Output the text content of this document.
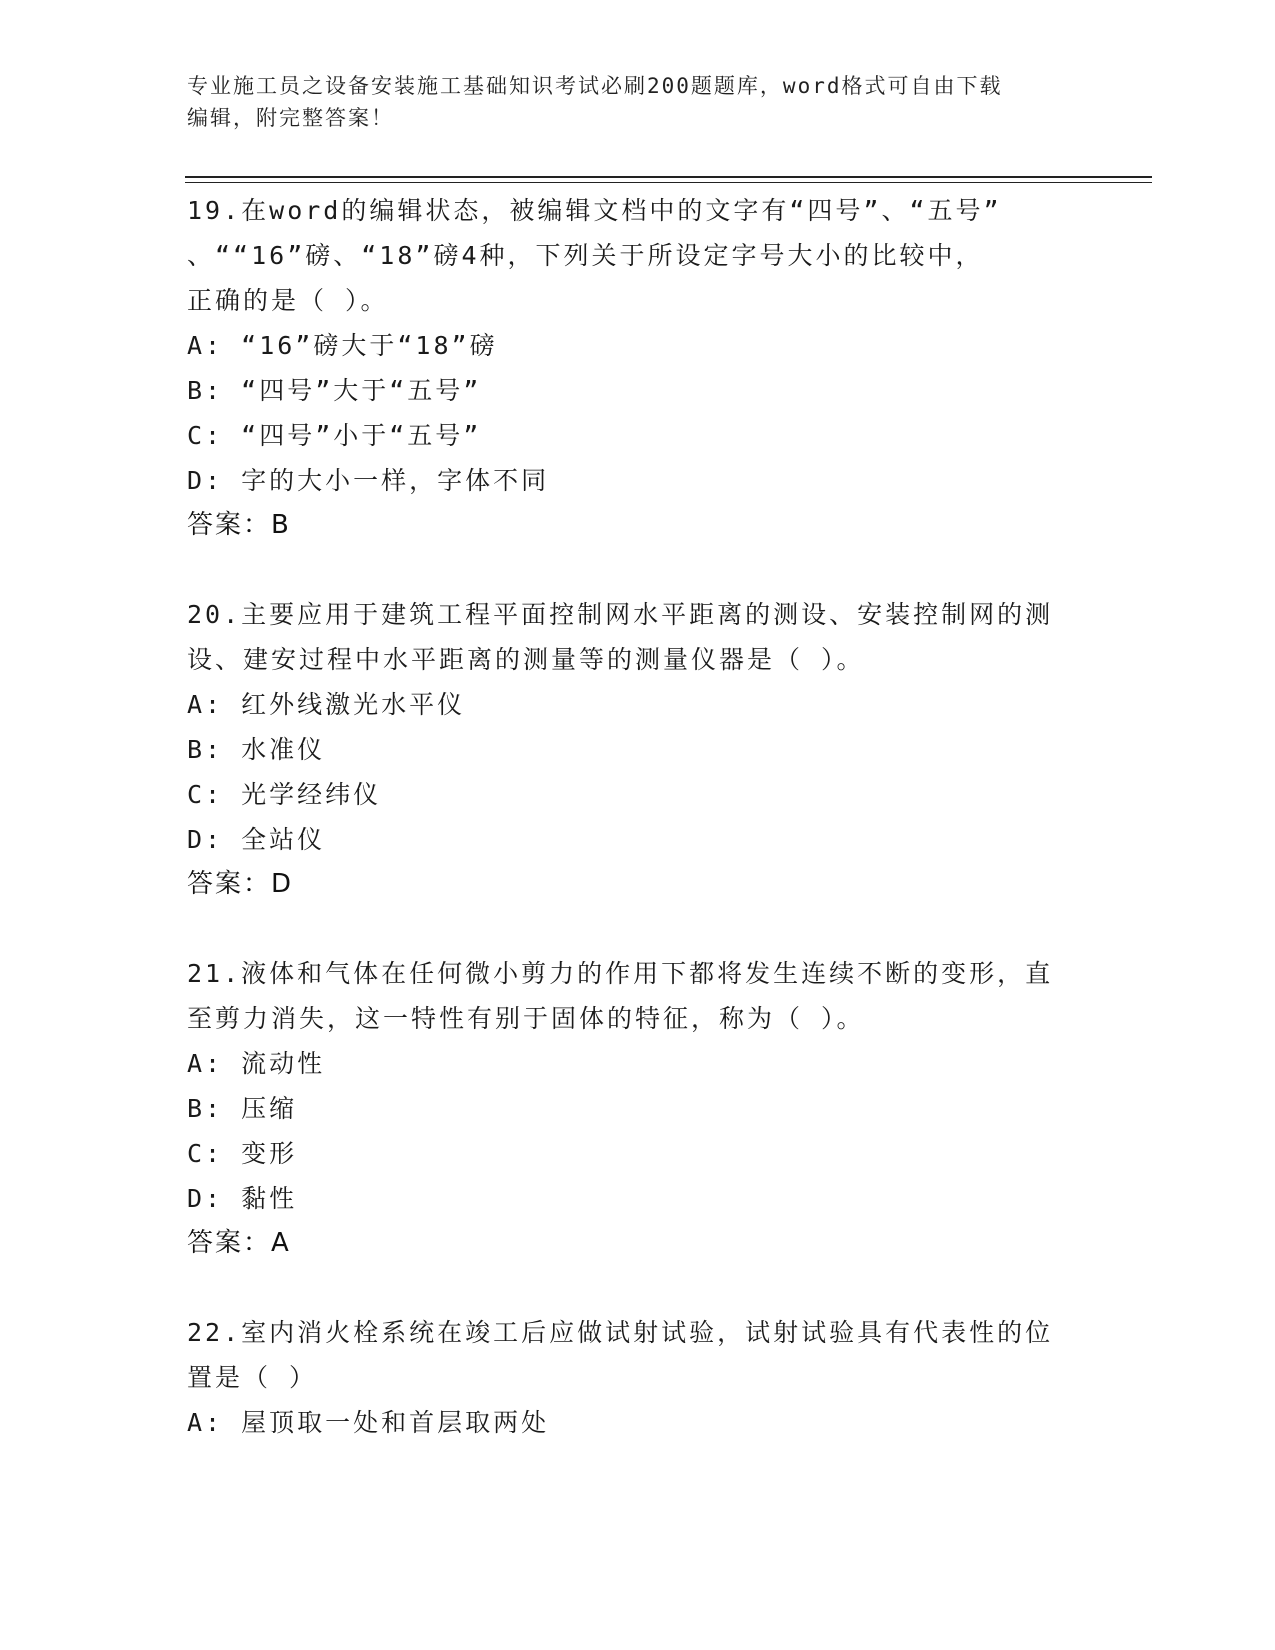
专业施工员之设备安装施工基础知识考试必刷200题题库，word格式可自由下载
编辑，附完整答案！
19.在word的编辑状态，被编辑文档中的文字有“四号”、“五号”
、““16”磅、“18”磅4种，下列关于所设定字号大小的比较中，
正确的是（ ）。
A: “16”磅大于“18”磅
B: “四号”大于“五号”
C: “四号”小于“五号”
D: 字的大小一样，字体不同
答案：B
20.主要应用于建筑工程平面控制网水平距离的测设、安装控制网的测
设、建安过程中水平距离的测量等的测量仪器是（ ）。
A: 红外线激光水平仪
B: 水准仪
C: 光学经纬仪
D: 全站仪
答案：D
21.液体和气体在任何微小剪力的作用下都将发生连续不断的变形，直
至剪力消失，这一特性有别于固体的特征，称为（ ）。
A: 流动性
B: 压缩
C: 变形
D: 黏性
答案：A
22.室内消火栓系统在竣工后应做试射试验，试射试验具有代表性的位
置是（ ）
A: 屋顶取一处和首层取两处
